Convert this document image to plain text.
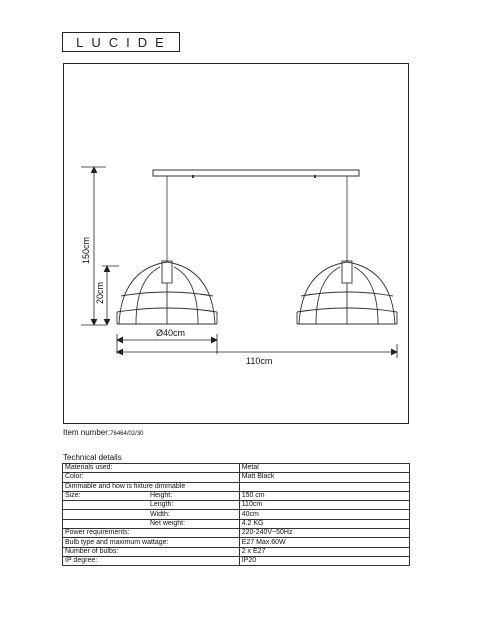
LUCIDE
150cm
20cm
Ø40cm
110cm
Item number:76464/02/30
Technical details
Materials used:	Metal
Color:	Matt Black
Dimmable and how is fixture dimmable	
Size: Height:	150 cm
Length:	110cm
Width:	40cm
Net weight:	4.2 KG
Power requirements:	220-240V~50Hz
Bulb type and maximum wattage:	E27 Max.60W
Number of bulbs:	2 x E27
IP degree:	IP20
